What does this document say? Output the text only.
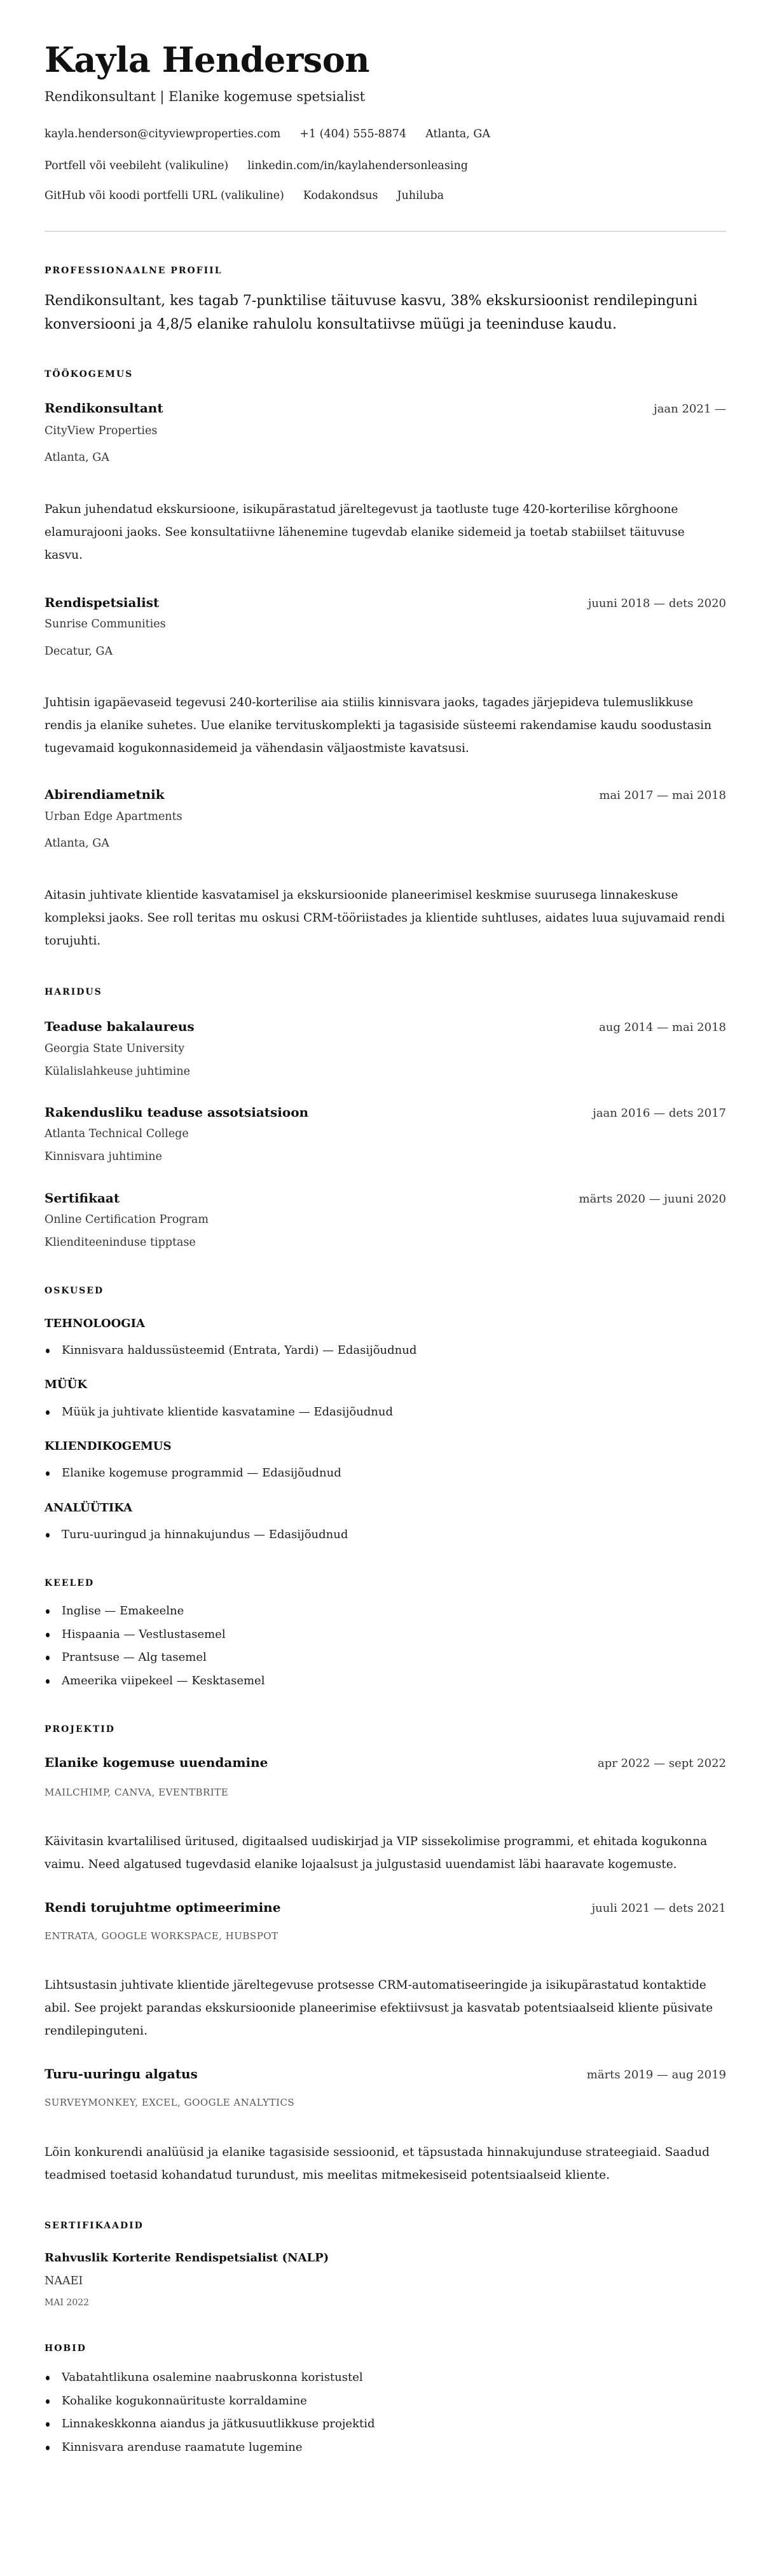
Kayla Henderson
Rendikonsultant | Elanike kogemuse spetsialist
kayla.henderson@cityviewproperties.com +1 (404) 555-8874 Atlanta, GA
Portfell või veebileht (valikuline) linkedin.com/in/kaylahendersonleasing
GitHub või koodi portfelli URL (valikuline) Kodakondsus Juhiluba
PROFESSIONAALNE PROFIIL
Rendikonsultant, kes tagab 7-punktilise täituvuse kasvu, 38% ekskursioonist rendilepinguni konversiooni ja 4,8/5 elanike rahulolu konsultatiivse müügi ja teeninduse kaudu.
TÖÖKOGEMUS
Rendikonsultant	jaan 2021 —
CityView Properties
Atlanta, GA
Pakun juhendatud ekskursioone, isikupärastatud järeltegevust ja taotluste tuge 420-korterilise kõrghoone elamurajooni jaoks. See konsultatiivne lähenemine tugevdab elanike sidemeid ja toetab stabiilset täituvuse kasvu.
Rendispetsialist	juuni 2018 — dets 2020
Sunrise Communities
Decatur, GA
Juhtisin igapäevaseid tegevusi 240-korterilise aia stiilis kinnisvara jaoks, tagades järjepideva tulemuslikkuse rendis ja elanike suhetes. Uue elanike tervituskomplekti ja tagasiside süsteemi rakendamise kaudu soodustasin tugevamaid kogukonnasidemeid ja vähendasin väljaostmiste kavatsusi.
Abirendiametnik	mai 2017 — mai 2018
Urban Edge Apartments
Atlanta, GA
Aitasin juhtivate klientide kasvatamisel ja ekskursioonide planeerimisel keskmise suurusega linnakeskuse kompleksi jaoks. See roll teritas mu oskusi CRM-tööriistades ja klientide suhtluses, aidates luua sujuvamaid rendi torujuhti.
HARIDUS
Teaduse bakalaureus	aug 2014 — mai 2018
Georgia State University
Külalislahkeuse juhtimine
Rakendusliku teaduse assotsiatsioon	jaan 2016 — dets 2017
Atlanta Technical College
Kinnisvara juhtimine
Sertifikaat	märts 2020 — juuni 2020
Online Certification Program
Klienditeeninduse tipptase
OSKUSED
TEHNOLOOGIA
Kinnisvara haldussüsteemid (Entrata, Yardi) — Edasijõudnud
MÜÜK
Müük ja juhtivate klientide kasvatamine — Edasijõudnud
KLIENDIKOGEMUS
Elanike kogemuse programmid — Edasijõudnud
ANALÜÜTIKA
Turu-uuringud ja hinnakujundus — Edasijõudnud
KEELED
Inglise — Emakeelne
Hispaania — Vestlustasemel
Prantsuse — Alg tasemel
Ameerika viipekeel — Kesktasemel
PROJEKTID
Elanike kogemuse uuendamine	apr 2022 — sept 2022
MAILCHIMP, CANVA, EVENTBRITE
Käivitasin kvartalilised üritused, digitaalsed uudiskirjad ja VIP sissekolimise programmi, et ehitada kogukonna vaimu. Need algatused tugevdasid elanike lojaalsust ja julgustasid uuendamist läbi haaravate kogemuste.
Rendi torujuhtme optimeerimine	juuli 2021 — dets 2021
ENTRATA, GOOGLE WORKSPACE, HUBSPOT
Lihtsustasin juhtivate klientide järeltegevuse protsesse CRM-automatiseeringide ja isikupärastatud kontaktide abil. See projekt parandas ekskursioonide planeerimise efektiivsust ja kasvatab potentsiaalseid kliente püsivate rendilepinguteni.
Turu-uuringu algatus	märts 2019 — aug 2019
SURVEYMONKEY, EXCEL, GOOGLE ANALYTICS
Lõin konkurendi analüüsid ja elanike tagasiside sessioonid, et täpsustada hinnakujunduse strateegiaid. Saadud teadmised toetasid kohandatud turundust, mis meelitas mitmekesiseid potentsiaalseid kliente.
SERTIFIKAADID
Rahvuslik Korterite Rendispetsialist (NALP)
NAAEI
MAI 2022
HOBID
Vabatahtlikuna osalemine naabruskonna koristustel
Kohalike kogukonnaürituste korraldamine
Linnakeskkonna aiandus ja jätkusuutlikkuse projektid
Kinnisvara arenduse raamatute lugemine
